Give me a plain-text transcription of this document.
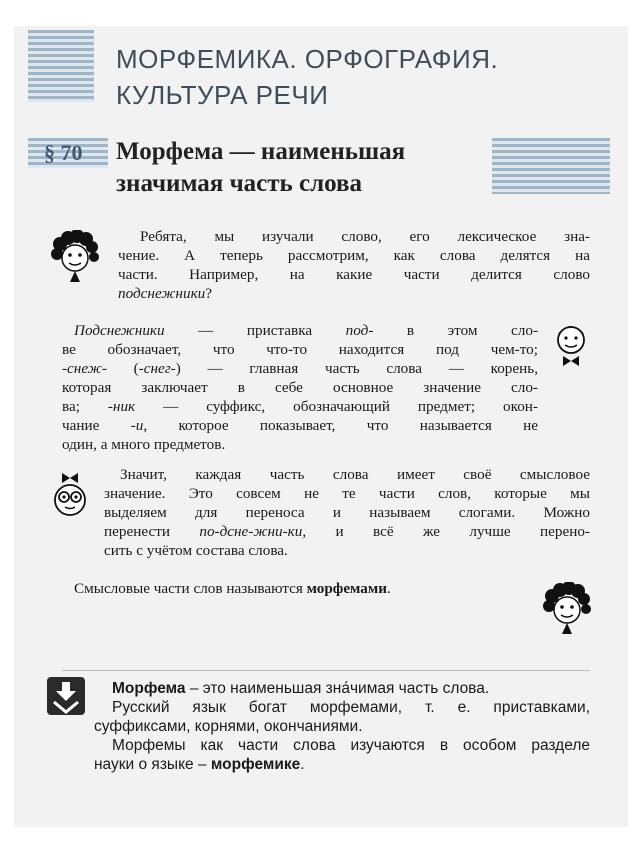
МОРФЕМИКА. ОРФОГРАФИЯ.
КУЛЬТУРА РЕЧИ
§ 70 Морфема — наименьшая
значимая часть слова
Ребята, мы изучали слово, его лексическое зна-
чение. А теперь рассмотрим, как слова делятся на
части. Например, на какие части делится слово
подснежники?
Подснежники — приставка под- в этом сло-
ве обозначает, что что-то находится под чем-то;
-снеж- (-снег-) — главная часть слова — корень,
которая заключает в себе основное значение сло-
ва; -ник — суффикс, обозначающий предмет; окон-
чание -и, которое показывает, что называется не
один, а много предметов.
Значит, каждая часть слова имеет своё смысловое
значение. Это совсем не те части слов, которые мы
выделяем для переноса и называем слогами. Можно
перенести по-дсне-жни-ки, и всё же лучше перено-
сить с учётом состава слова.
Смысловые части слов называются морфемами.
Морфема – это наименьшая зна́чимая часть слова.
Русский язык богат морфемами, т. е. приставками,
суффиксами, корнями, окончаниями.
Морфемы как части слова изучаются в особом разделе
науки о языке – морфемике.
